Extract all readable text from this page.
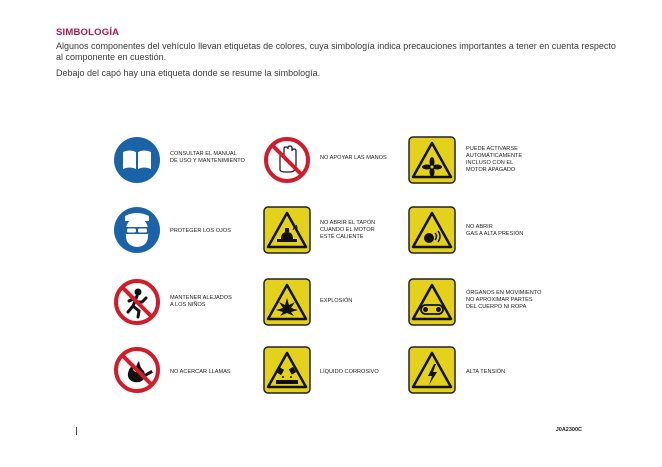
SIMBOLOGÍA
Algunos componentes del vehículo llevan etiquetas de colores, cuya simbología indica precauciones importantes a tener en cuenta respecto al componente en cuestión.
Debajo del capó hay una etiqueta donde se resume la simbología.
CONSULTAR EL MANUAL
DE USO Y MANTENIMIENTO	NO APOYAR LAS MANOS
PUEDE ACTIVARSE
AUTOMÁTICAMENTE
INCLUSO CON EL
MOTOR APAGADO
PROTEGER LOS OJOS
NO ABRIR EL TAPÓN
CUANDO EL MOTOR
ESTÉ CALIENTE
NO ABRIR
GAS A ALTA PRESIÓN
MANTENER ALEJADOS
A LOS NIÑOS
EXPLOSIÓN
ÓRGANOS EN MOVIMIENTO
NO APROXIMAR PARTES
DEL CUERPO NI ROPA
NO ACERCAR LLAMAS	LÍQUIDO CORROSIVO	ALTA TENSIÓN
J0A2300C
